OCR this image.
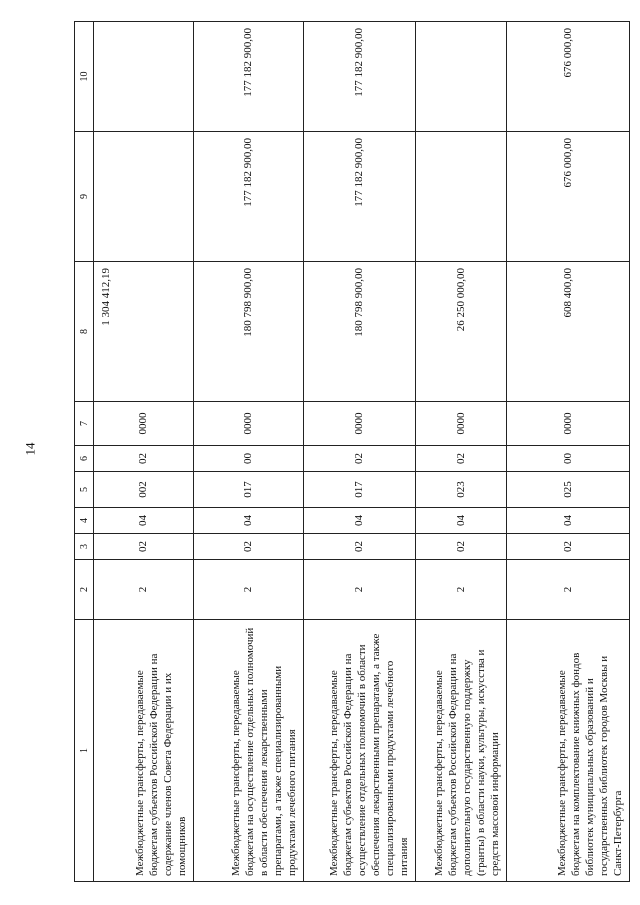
14
1	2	3	4	5	6	7	8	9	10
Межбюджетные трансферты, передаваемые бюджетам субъектов Российской Федерации на содержание членов Совета Федерации и их помощников	2	02	04	002	02	0000	1 304 412,19		
Межбюджетные трансферты, передаваемые бюджетам на осуществление отдельных полномочий в области обеспечения лекарственными препаратами, а также специализированными продуктами лечебного питания	2	02	04	017	00	0000	180 798 900,00	177 182 900,00	177 182 900,00
Межбюджетные трансферты, передаваемые бюджетам субъектов Российской Федерации на осуществление отдельных полномочий в области обеспечения лекарственными препаратами, а также специализированными продуктами лечебного питания	2	02	04	017	02	0000	180 798 900,00	177 182 900,00	177 182 900,00
Межбюджетные трансферты, передаваемые бюджетам субъектов Российской Федерации на дополнительную государственную поддержку (гранты) в области науки, культуры, искусства и средств массовой информации	2	02	04	023	02	0000	26 250 000,00		
Межбюджетные трансферты, передаваемые бюджетам на комплектование книжных фондов библиотек муниципальных образований и государственных библиотек городов Москвы и Санкт-Петербурга	2	02	04	025	00	0000	608 400,00	676 000,00	676 000,00
